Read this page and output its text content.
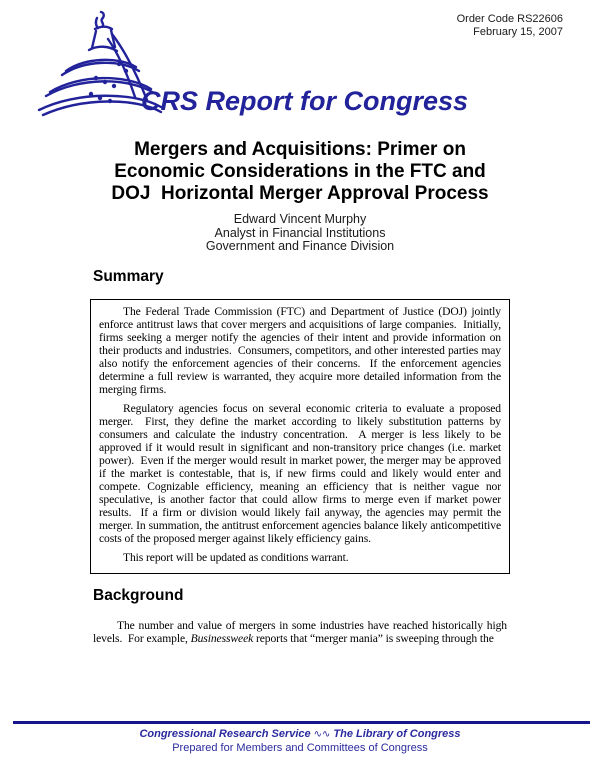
Order Code RS22606
February 15, 2007
CRS Report for Congress
Mergers and Acquisitions: Primer on
Economic Considerations in the FTC and
DOJ  Horizontal Merger Approval Process
Edward Vincent Murphy
Analyst in Financial Institutions
Government and Finance Division
Summary

The Federal Trade Commission (FTC) and Department of Justice (DOJ) jointly enforce antitrust laws that cover mergers and acquisitions of large companies.  Initially, firms seeking a merger notify the agencies of their intent and provide information on their products and industries.  Consumers, competitors, and other interested parties may also notify the enforcement agencies of their concerns.  If the enforcement agencies determine a full review is warranted, they acquire more detailed information from the merging firms.

Regulatory agencies focus on several economic criteria to evaluate a proposed merger.  First, they define the market according to likely substitution patterns by consumers and calculate the industry concentration.  A merger is less likely to be approved if it would result in significant and non-transitory price changes (i.e. market power).  Even if the merger would result in market power, the merger may be approved if the market is contestable, that is, if new firms could and likely would enter and compete. Cognizable efficiency, meaning an efficiency that is neither vague nor speculative, is another factor that could allow firms to merge even if market power results.  If a firm or division would likely fail anyway, the agencies may permit the merger. In summation, the antitrust enforcement agencies balance likely anticompetitive costs of the proposed merger against likely efficiency gains.

This report will be updated as conditions warrant.

Background

The number and value of mergers in some industries have reached historically high levels.  For example, Businessweek reports that “merger mania” is sweeping through the

Congressional Research Service ∿∿ The Library of Congress
Prepared for Members and Committees of Congress
